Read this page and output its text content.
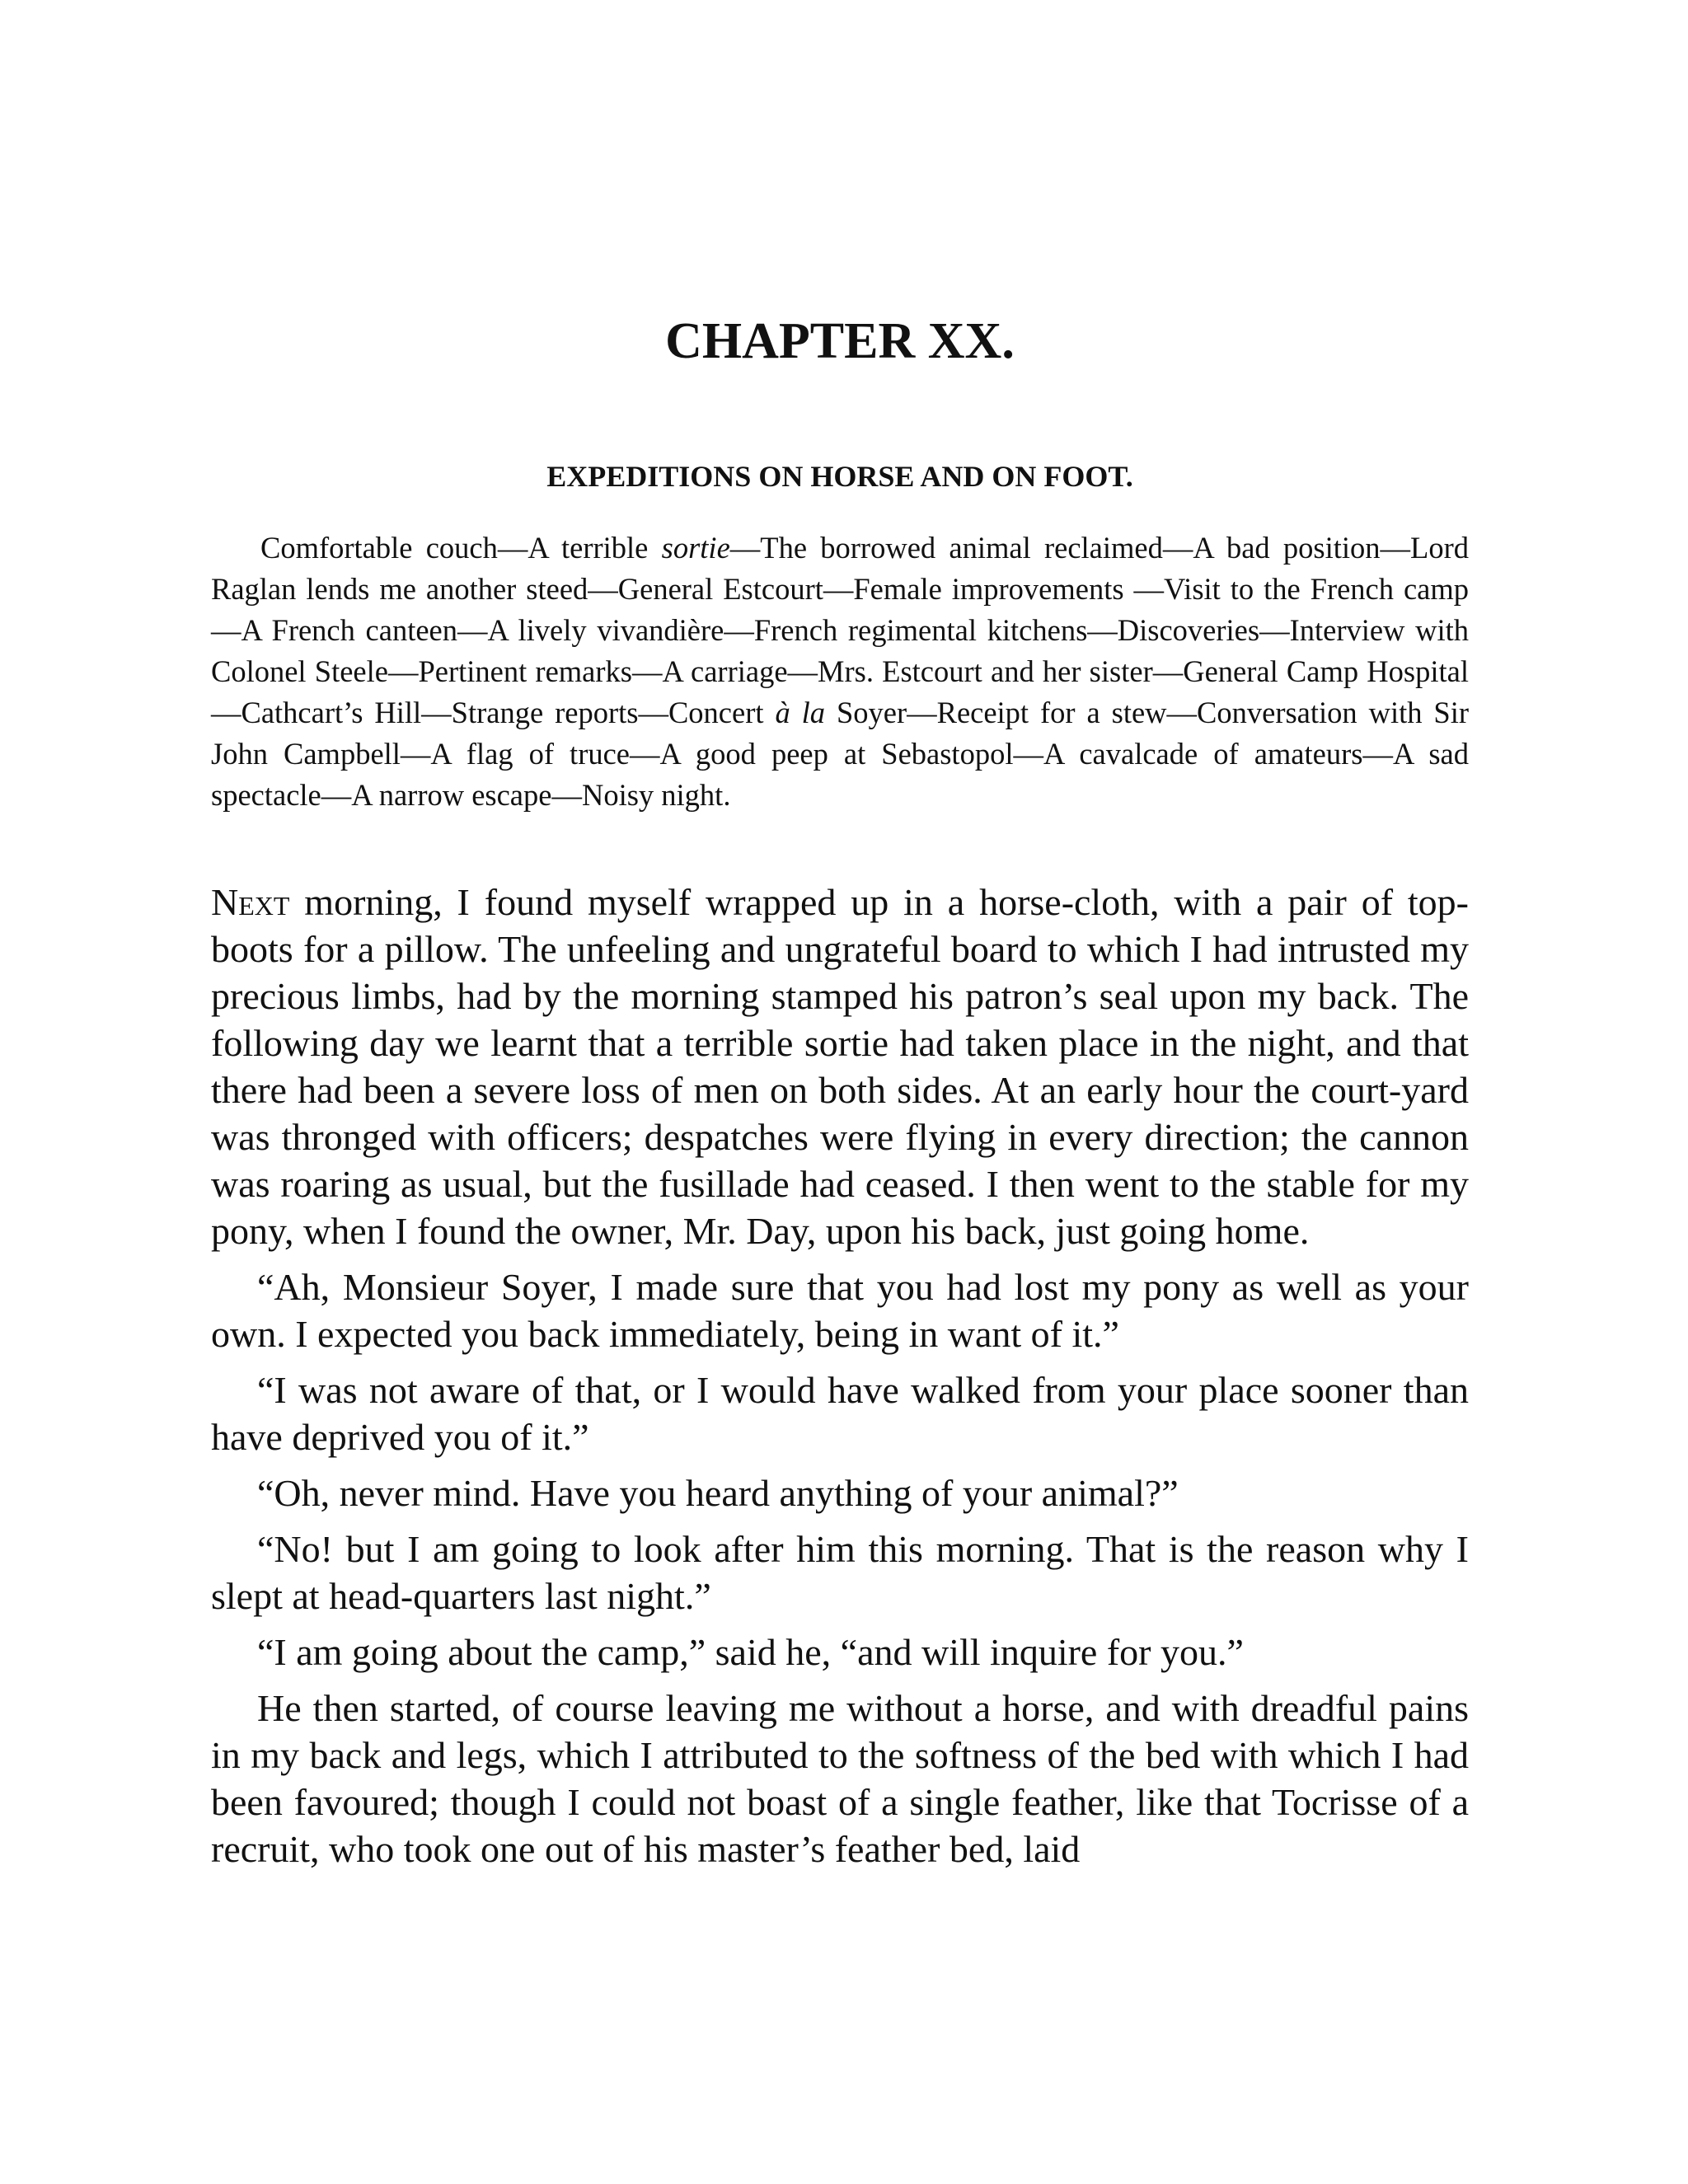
CHAPTER XX.
EXPEDITIONS ON HORSE AND ON FOOT.

Comfortable couch—A terrible sortie—The borrowed animal reclaimed—A bad position—Lord Raglan lends me another steed—General Estcourt—Female improvements —Visit to the French camp—A French canteen—A lively vivandière—French regimental kitchens—Discoveries—Interview with Colonel Steele—Pertinent remarks—A carriage—Mrs. Estcourt and her sister—General Camp Hospital—Cathcart’s Hill—Strange reports—Concert à la Soyer—Receipt for a stew—Conversation with Sir John Campbell—A flag of truce—A good peep at Sebastopol—A cavalcade of amateurs—A sad spectacle—A narrow escape—Noisy night.

Next morning, I found myself wrapped up in a horse-cloth, with a pair of top-boots for a pillow. The unfeeling and ungrateful board to which I had intrusted my precious limbs, had by the morning stamped his patron’s seal upon my back. The following day we learnt that a terrible sortie had taken place in the night, and that there had been a severe loss of men on both sides. At an early hour the court-yard was thronged with officers; despatches were flying in every direction; the cannon was roaring as usual, but the fusillade had ceased. I then went to the stable for my pony, when I found the owner, Mr. Day, upon his back, just going home.

“Ah, Monsieur Soyer, I made sure that you had lost my pony as well as your own. I expected you back immediately, being in want of it.”

“I was not aware of that, or I would have walked from your place sooner than have deprived you of it.”

“Oh, never mind. Have you heard anything of your animal?”

“No! but I am going to look after him this morning. That is the reason why I slept at head-quarters last night.”

“I am going about the camp,” said he, “and will inquire for you.”

He then started, of course leaving me without a horse, and with dreadful pains in my back and legs, which I attributed to the softness of the bed with which I had been favoured; though I could not boast of a single feather, like that Tocrisse of a recruit, who took one out of his master’s feather bed, laid
